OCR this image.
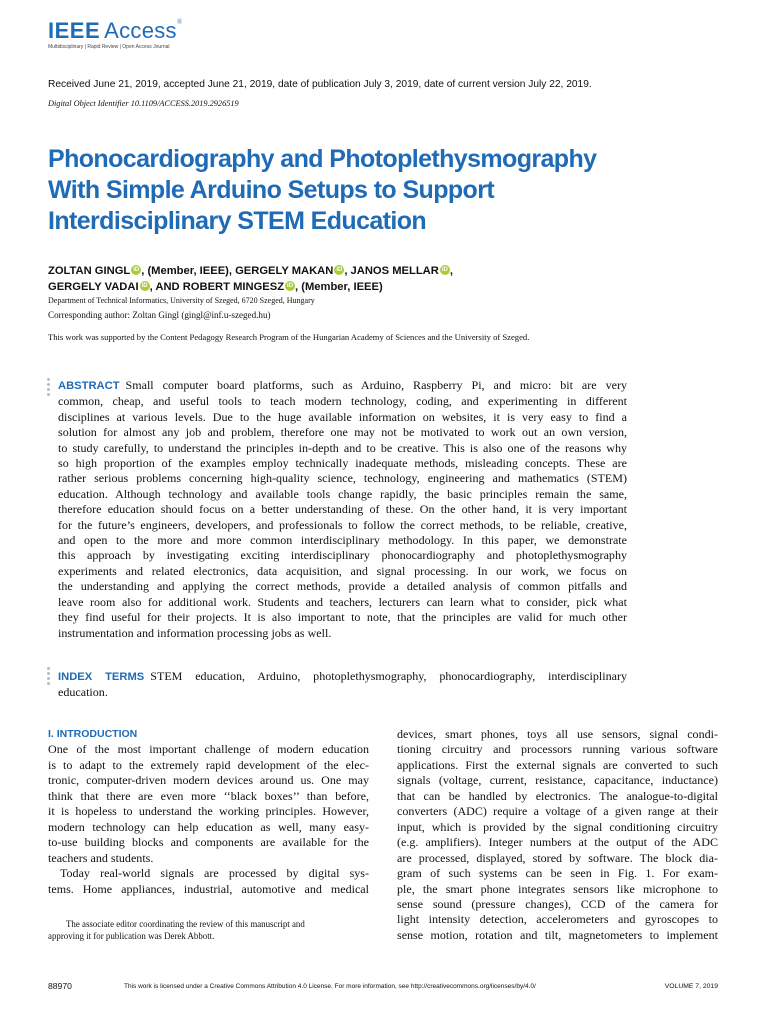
IEEE Access®
Multidisciplinary | Rapid Review | Open Access Journal
Received June 21, 2019, accepted June 21, 2019, date of publication July 3, 2019, date of current version July 22, 2019.
Digital Object Identifier 10.1109/ACCESS.2019.2926519
Phonocardiography and Photoplethysmography
With Simple Arduino Setups to Support
Interdisciplinary STEM Education
ZOLTAN GINGL iD , (Member, IEEE), GERGELY MAKAN iD , JANOS MELLAR iD ,
GERGELY VADAI iD , AND ROBERT MINGESZ iD , (Member, IEEE)
Department of Technical Informatics, University of Szeged, 6720 Szeged, Hungary
Corresponding author: Zoltan Gingl (gingl@inf.u-szeged.hu)
This work was supported by the Content Pedagogy Research Program of the Hungarian Academy of Sciences and the University of Szeged.
ABSTRACT Small computer board platforms, such as Arduino, Raspberry Pi, and micro: bit are very
common, cheap, and useful tools to teach modern technology, coding, and experimenting in different
disciplines at various levels. Due to the huge available information on websites, it is very easy to find a
solution for almost any job and problem, therefore one may not be motivated to work out an own version,
to study carefully, to understand the principles in-depth and to be creative. This is also one of the reasons why
so high proportion of the examples employ technically inadequate methods, misleading concepts. These are
rather serious problems concerning high-quality science, technology, engineering and mathematics (STEM)
education. Although technology and available tools change rapidly, the basic principles remain the same,
therefore education should focus on a better understanding of these. On the other hand, it is very important
for the future’s engineers, developers, and professionals to follow the correct methods, to be reliable, creative,
and open to the more and more common interdisciplinary methodology. In this paper, we demonstrate
this approach by investigating exciting interdisciplinary phonocardiography and photoplethysmography
experiments and related electronics, data acquisition, and signal processing. In our work, we focus on
the understanding and applying the correct methods, provide a detailed analysis of common pitfalls and
leave room also for additional work. Students and teachers, lecturers can learn what to consider, pick what
they find useful for their projects. It is also important to note, that the principles are valid for much other
instrumentation and information processing jobs as well.
INDEX TERMS STEM education, Arduino, photoplethysmography, phonocardiography, interdisciplinary
education.
I. INTRODUCTION
One of the most important challenge of modern education
is to adapt to the extremely rapid development of the elec-
tronic, computer-driven modern devices around us. One may
think that there are even more ‘‘black boxes’’ than before,
it is hopeless to understand the working principles. However,
modern technology can help education as well, many easy-
to-use building blocks and components are available for the
teachers and students.
Today real-world signals are processed by digital sys-
tems. Home appliances, industrial, automotive and medical
The associate editor coordinating the review of this manuscript and
approving it for publication was Derek Abbott.
devices, smart phones, toys all use sensors, signal condi-
tioning circuitry and processors running various software
applications. First the external signals are converted to such
signals (voltage, current, resistance, capacitance, inductance)
that can be handled by electronics. The analogue-to-digital
converters (ADC) require a voltage of a given range at their
input, which is provided by the signal conditioning circuitry
(e.g. amplifiers). Integer numbers at the output of the ADC
are processed, displayed, stored by software. The block dia-
gram of such systems can be seen in Fig. 1. For exam-
ple, the smart phone integrates sensors like microphone to
sense sound (pressure changes), CCD of the camera for
light intensity detection, accelerometers and gyroscopes to
sense motion, rotation and tilt, magnetometers to implement
88970	This work is licensed under a Creative Commons Attribution 4.0 License. For more information, see http://creativecommons.org/licenses/by/4.0/	VOLUME 7, 2019
